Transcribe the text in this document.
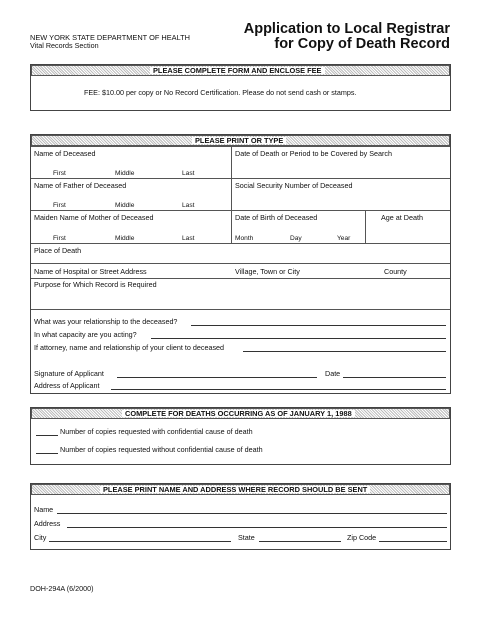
NEW YORK STATE DEPARTMENT OF HEALTH
Vital Records Section
Application to Local Registrar
for Copy of Death Record
PLEASE COMPLETE FORM AND ENCLOSE FEE
FEE: $10.00 per copy or No Record Certification. Please do not send cash or stamps.
PLEASE PRINT OR TYPE
Name of Deceased
First	Middle	Last
Date of Death or Period to be Covered by Search
Name of Father of Deceased
First	Middle	Last
Social Security Number of Deceased
Maiden Name of Mother of Deceased
First	Middle	Last
Date of Birth of Deceased
Month	Day	Year
Age at Death
Place of Death
Name of Hospital or Street Address	Village, Town or City	County
Purpose for Which Record is Required
What was your relationship to the deceased?
In what capacity are you acting?
If attorney, name and relationship of your client to deceased
Signature of Applicant	Date
Address of Applicant
COMPLETE FOR DEATHS OCCURRING AS OF JANUARY 1, 1988
Number of copies requested with confidential cause of death
Number of copies requested without confidential cause of death
PLEASE PRINT NAME AND ADDRESS WHERE RECORD SHOULD BE SENT
Name
Address
City	State	Zip Code
DOH-294A (6/2000)
